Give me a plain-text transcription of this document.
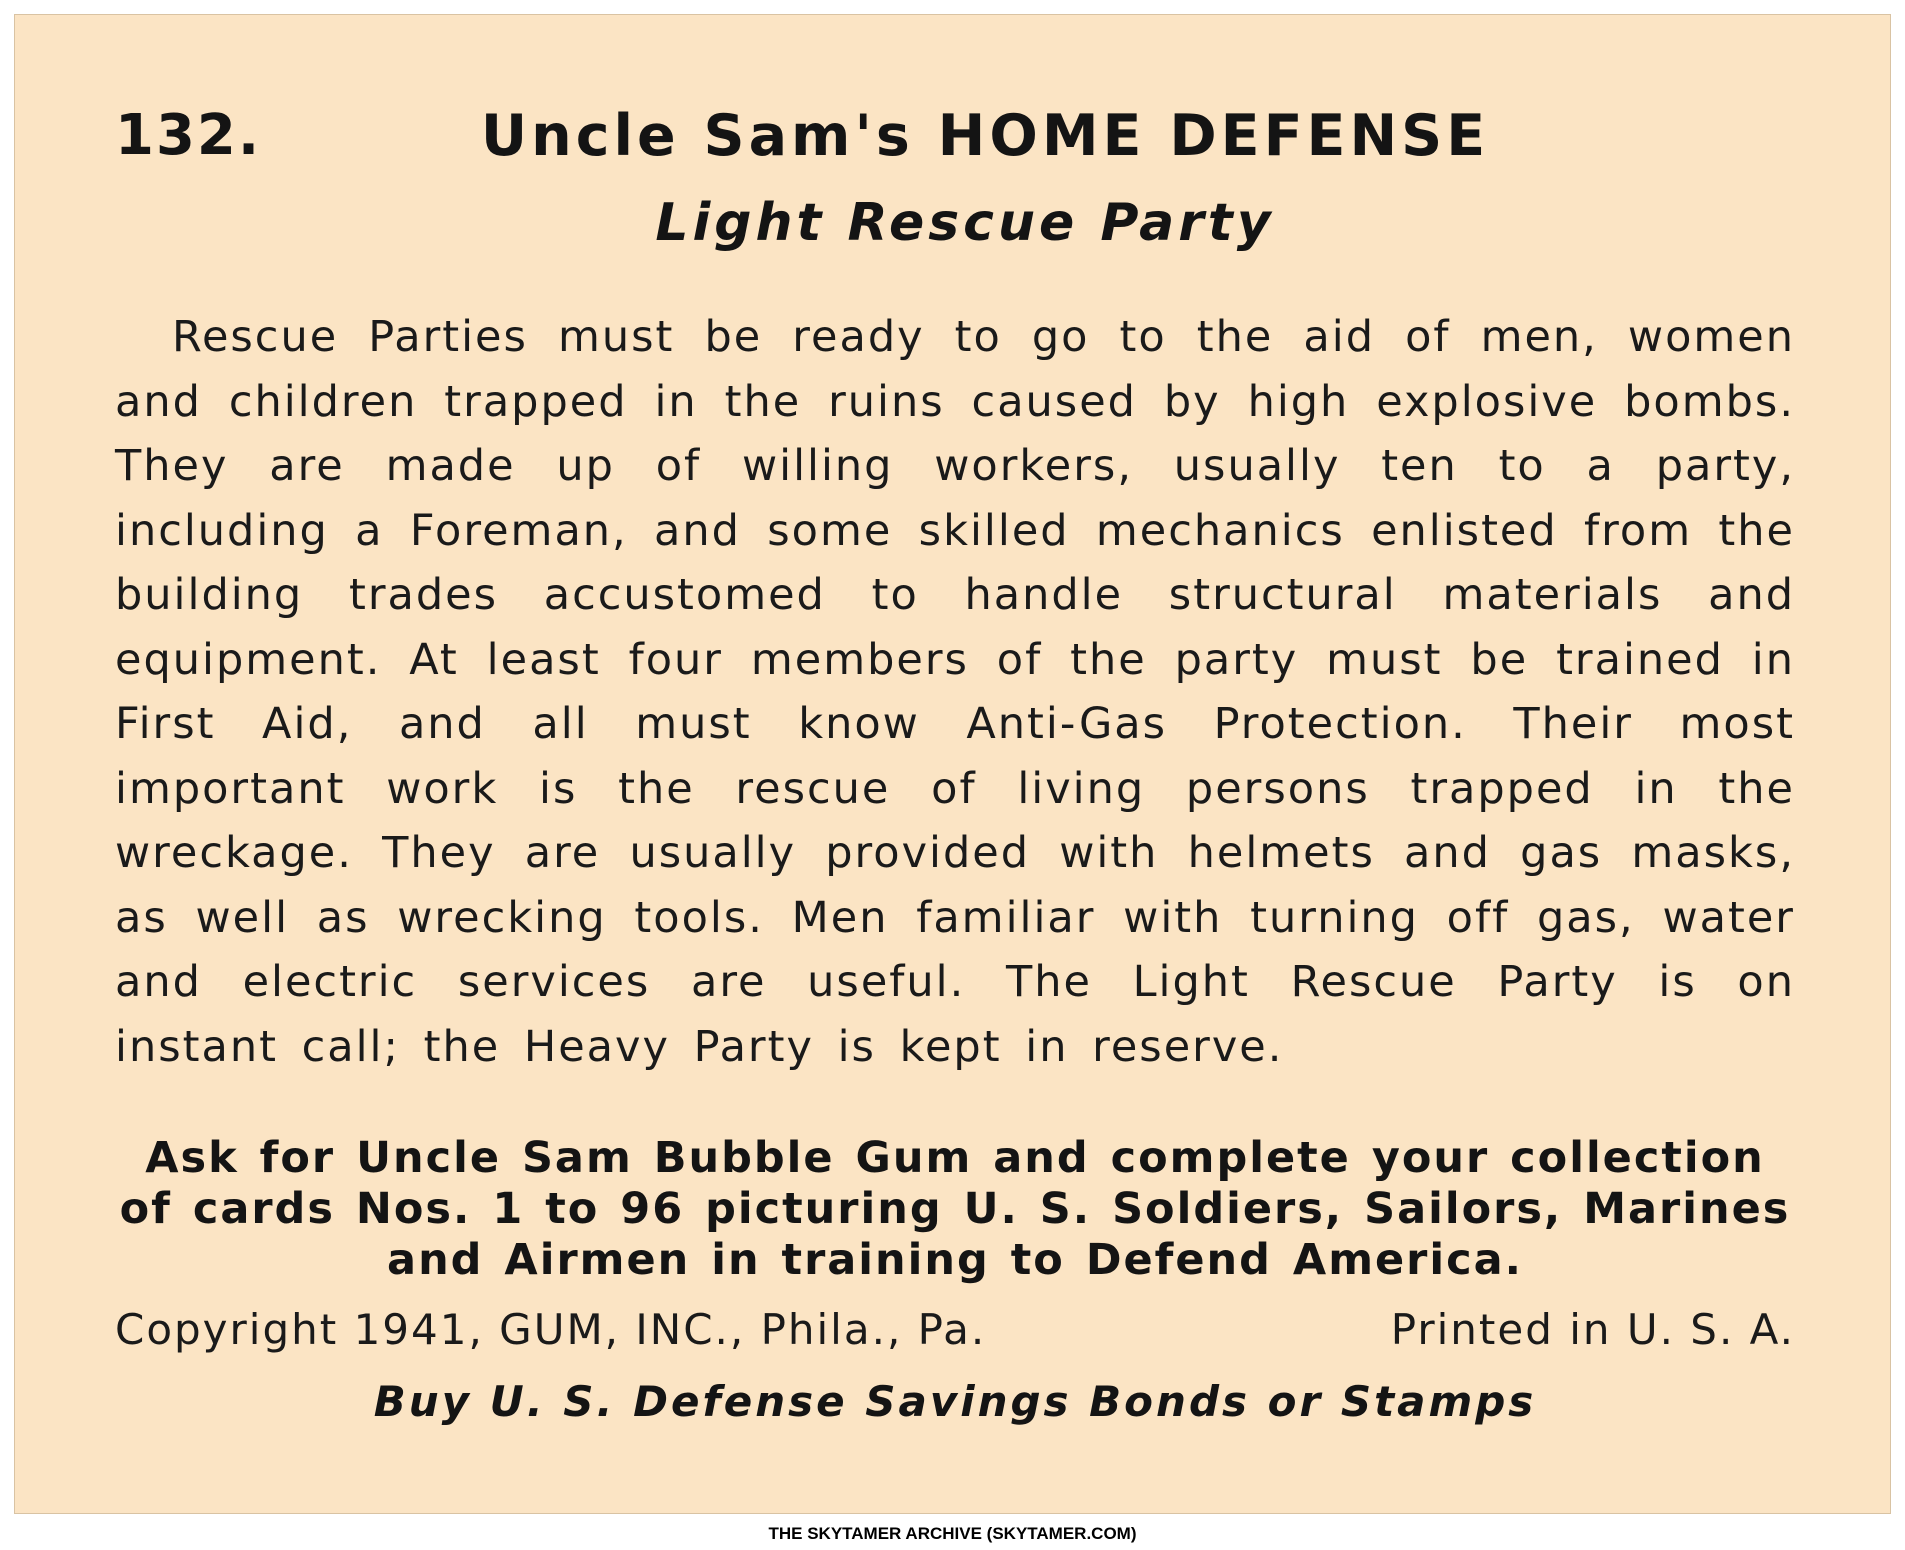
132.	Uncle Sam's HOME DEFENSE
Light Rescue Party

Rescue Parties must be ready to go to the aid of men, women and children trapped in the ruins caused by high explosive bombs. They are made up of willing workers, usually ten to a party, including a Foreman, and some skilled mechanics enlisted from the building trades accustomed to handle structural materials and equipment. At least four members of the party must be trained in First Aid, and all must know Anti-Gas Protection. Their most important work is the rescue of living persons trapped in the wreckage. They are usually provided with helmets and gas masks, as well as wrecking tools. Men familiar with turning off gas, water and electric services are useful. The Light Rescue Party is on instant call; the Heavy Party is kept in reserve.

Ask for Uncle Sam Bubble Gum and complete your collection of cards Nos. 1 to 96 picturing U. S. Soldiers, Sailors, Marines and Airmen in training to Defend America.

Copyright 1941, GUM, INC., Phila., Pa.	Printed in U. S. A.
Buy U. S. Defense Savings Bonds or Stamps
THE SKYTAMER ARCHIVE (SKYTAMER.COM)
